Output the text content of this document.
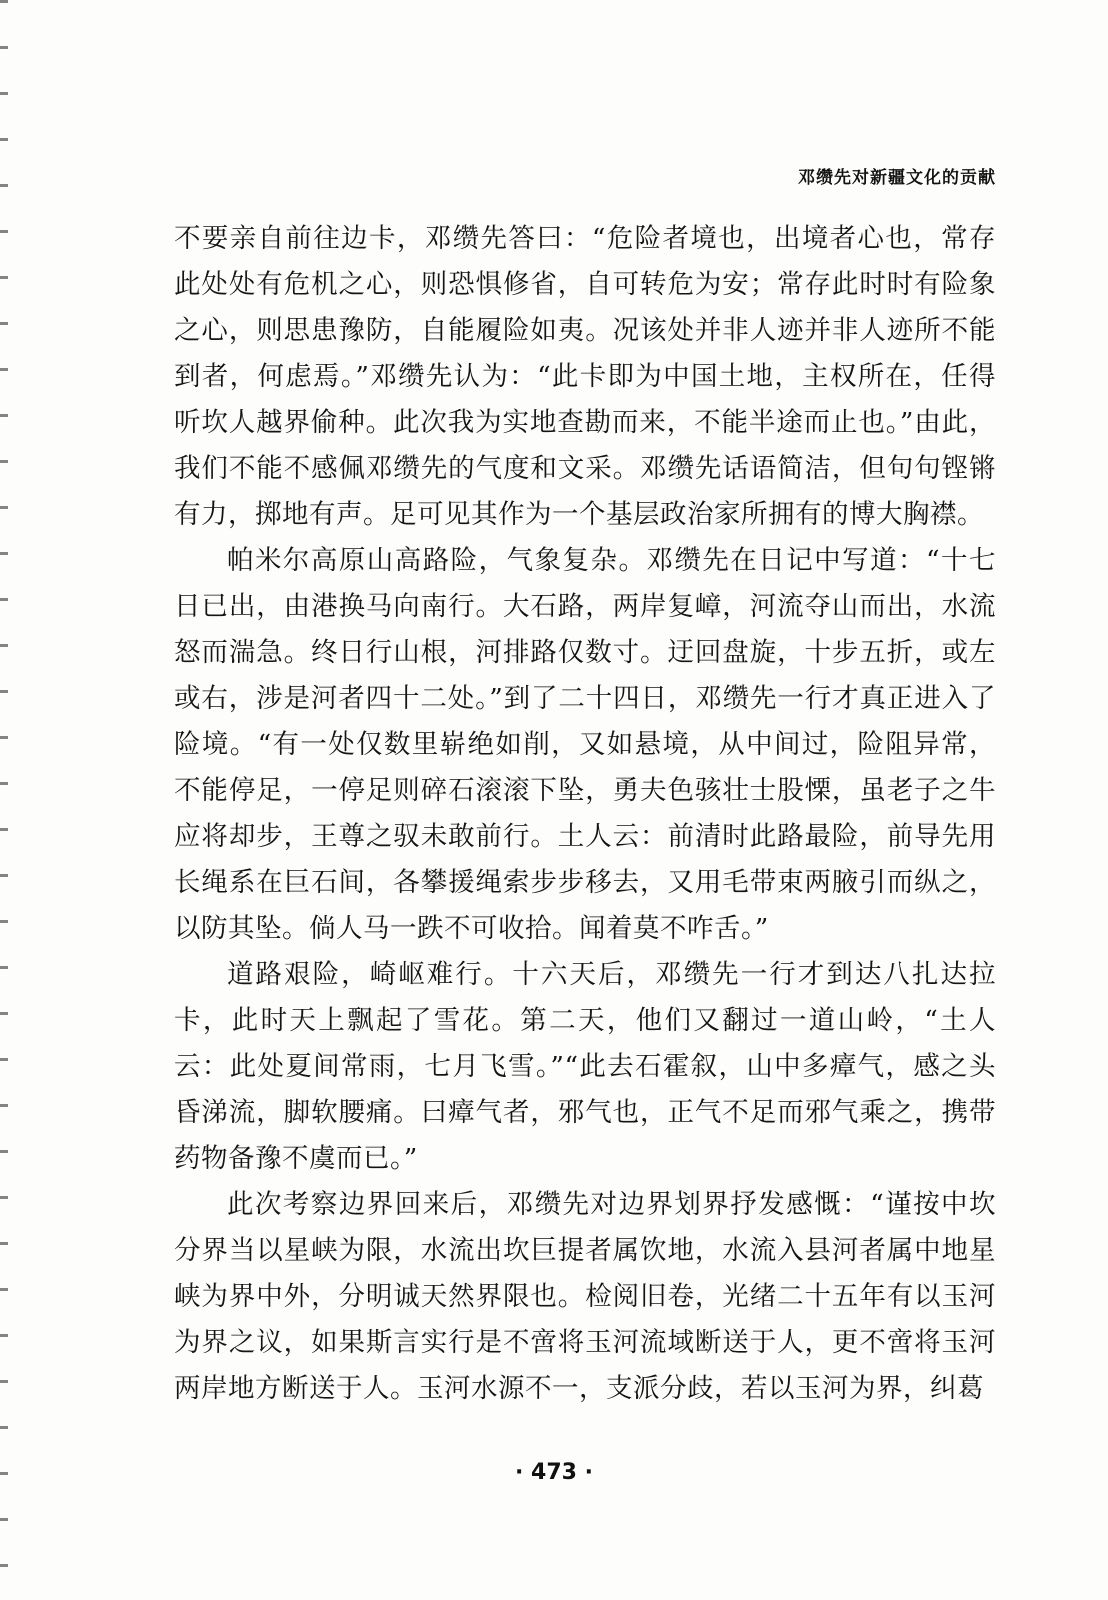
邓缵先对新疆文化的贡献

不要亲自前往边卡，邓缵先答曰：“危险者境也，出境者心也，常存此处处有危机之心，则恐惧修省，自可转危为安；常存此时时有险象之心，则思患豫防，自能履险如夷。况该处并非人迹并非人迹所不能到者，何虑焉。”邓缵先认为：“此卡即为中国土地，主权所在，任得听坎人越界偷种。此次我为实地查勘而来，不能半途而止也。”由此，我们不能不感佩邓缵先的气度和文采。邓缵先话语简洁，但句句铿锵有力，掷地有声。足可见其作为一个基层政治家所拥有的博大胸襟。

帕米尔高原山高路险，气象复杂。邓缵先在日记中写道：“十七日已出，由港换马向南行。大石路，两岸复嶂，河流夺山而出，水流怒而湍急。终日行山根，河排路仅数寸。迂回盘旋，十步五折，或左或右，涉是河者四十二处。”到了二十四日，邓缵先一行才真正进入了险境。“有一处仅数里崭绝如削，又如悬境，从中间过，险阻异常，不能停足，一停足则碎石滚滚下坠，勇夫色骇壮士股慄，虽老子之牛应将却步，王尊之驭未敢前行。土人云：前清时此路最险，前导先用长绳系在巨石间，各攀援绳索步步移去，又用毛带束两腋引而纵之，以防其坠。倘人马一跌不可收拾。闻着莫不咋舌。”

道路艰险，崎岖难行。十六天后，邓缵先一行才到达八扎达拉卡，此时天上飘起了雪花。第二天，他们又翻过一道山岭，“土人云：此处夏间常雨，七月飞雪。”“此去石霍叙，山中多瘴气，感之头昏涕流，脚软腰痛。曰瘴气者，邪气也，正气不足而邪气乘之，携带药物备豫不虞而已。”

此次考察边界回来后，邓缵先对边界划界抒发感慨：“谨按中坎分界当以星峡为限，水流出坎巨提者属饮地，水流入县河者属中地星峡为界中外，分明诚天然界限也。检阅旧卷，光绪二十五年有以玉河为界之议，如果斯言实行是不啻将玉河流域断送于人，更不啻将玉河两岸地方断送于人。玉河水源不一，支派分歧，若以玉河为界，纠葛

· 473 ·
